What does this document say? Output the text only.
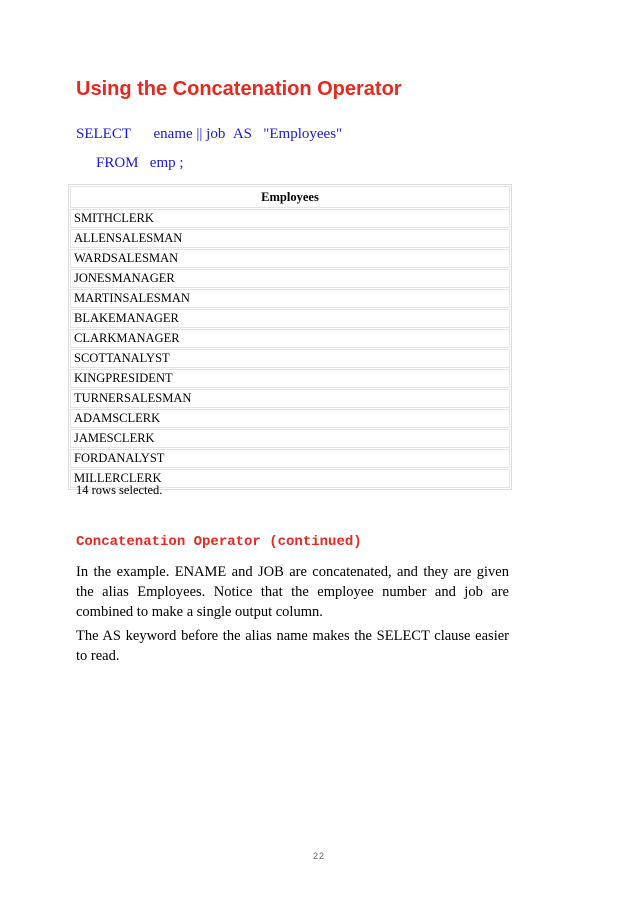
Using the Concatenation Operator
SELECT ename || job AS "Employees"
FROM emp ;
Employees
SMITHCLERK
ALLENSALESMAN
WARDSALESMAN
JONESMANAGER
MARTINSALESMAN
BLAKEMANAGER
CLARKMANAGER
SCOTTANALYST
KINGPRESIDENT
TURNERSALESMAN
ADAMSCLERK
JAMESCLERK
FORDANALYST
MILLERCLERK
14 rows selected.
Concatenation Operator (continued)

In the example. ENAME and JOB are concatenated, and they are given the alias Employees. Notice that the employee number and job are combined to make a single output column.

The AS keyword before the alias name makes the SELECT clause easier to read.

22
